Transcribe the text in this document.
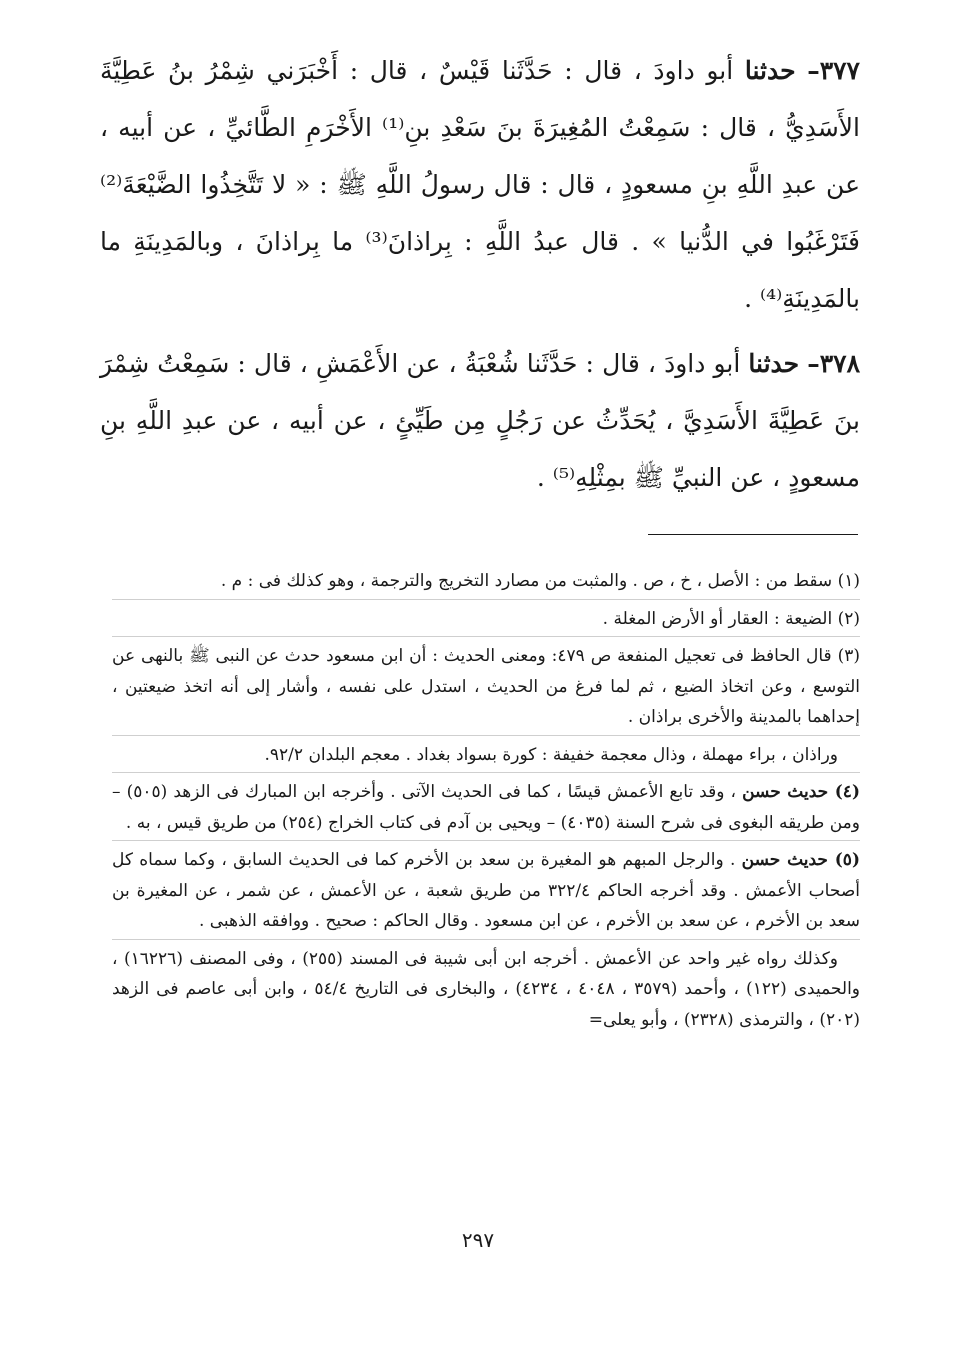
٣٧٧– حدثنا أبو داودَ ، قال : حَدَّثَنا قَيْسٌ ، قال : أَخْبَرَني شِمْرُ بنُ عَطِيَّةَ الأَسَدِيُّ ، قال : سَمِعْتُ المُغِيرَةَ بنَ سَعْدِ بنِ⁽¹⁾ الأَخْرَمِ الطَّائيِّ ، عن أبيه ، عن عبدِ اللَّهِ بنِ مسعودٍ ، قال : قال رسولُ اللَّهِ ﷺ : « لا تَتَّخِذُوا الضَّيْعَةَ⁽²⁾ فَتَرْغَبُوا في الدُّنيا » . قال عبدُ اللَّهِ : بِراذانَ⁽³⁾ ما بِراذانَ ، وبالمَدِينَةِ ما بالمَدِينَةِ⁽⁴⁾ .

٣٧٨– حدثنا أبو داودَ ، قال : حَدَّثَنا شُعْبَةُ ، عن الأَعْمَشِ ، قال : سَمِعْتُ شِمْرَ بنَ عَطِيَّةَ الأَسَدِيَّ ، يُحَدِّثُ عن رَجُلٍ مِن طَيِّئٍ ، عن أبيه ، عن عبدِ اللَّهِ بنِ مسعودٍ ، عن النبيِّ ﷺ بمِثْلِهِ⁽⁵⁾ .

(١) سقط من : الأصل ، خ ، ص . والمثبت من مصارد التخريج والترجمة ، وهو كذلك فى : م .

(٢) الضيعة : العقار أو الأرض المغلة .

(٣) قال الحافظ فى تعجيل المنفعة ص ٤٧٩: ومعنى الحديث : أن ابن مسعود حدث عن النبى ﷺ بالنهى عن التوسع ، وعن اتخاذ الضيع ، ثم لما فرغ من الحديث ، استدل على نفسه ، وأشار إلى أنه اتخذ ضيعتين ، إحداهما بالمدينة والأخرى براذان .

وراذان ، براء مهملة ، وذال معجمة خفيفة : كورة بسواد بغداد . معجم البلدان ٩٢/٢.

(٤) حديث حسن ، وقد تابع الأعمش قيسًا ، كما فى الحديث الآتى . وأخرجه ابن المبارك فى الزهد (٥٠٥) – ومن طريقه البغوى فى شرح السنة (٤٠٣٥) – ويحيى بن آدم فى كتاب الخراج (٢٥٤) من طريق قيس ، به .

(٥) حديث حسن . والرجل المبهم هو المغيرة بن سعد بن الأخرم كما فى الحديث السابق ، وكما سماه كل أصحاب الأعمش . وقد أخرجه الحاكم ٣٢٢/٤ من طريق شعبة ، عن الأعمش ، عن شمر ، عن المغيرة بن سعد بن الأخرم ، عن سعد بن الأخرم ، عن ابن مسعود . وقال الحاكم : صحيح . ووافقه الذهبى .

وكذلك رواه غير واحد عن الأعمش . أخرجه ابن أبى شيبة فى المسند (٢٥٥) ، وفى المصنف (١٦٢٢٦) ، والحميدى (١٢٢) ، وأحمد (٣٥٧٩ ، ٤٠٤٨ ، ٤٢٣٤) ، والبخارى فى التاريخ ٥٤/٤ ، وابن أبى عاصم فى الزهد (٢٠٢) ، والترمذى (٢٣٢٨) ، وأبو يعلى=

٢٩٧
